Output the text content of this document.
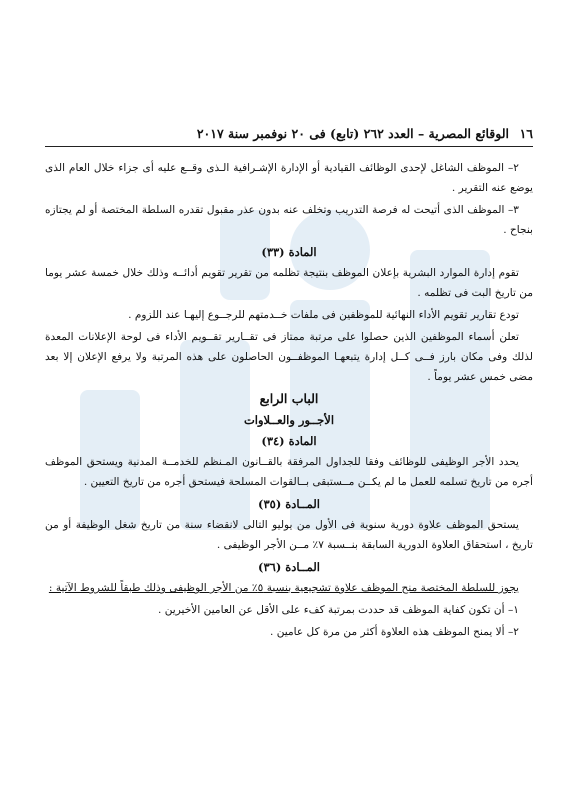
١٦
الوقائع المصرية – العدد ٢٦٢ (تابع) فى ٢٠ نوفمبر سنة ٢٠١٧
٢– الموظف الشاغل لإحدى الوظائف القيادية أو الإدارة الإشـرافية الـذى وقــع عليه أى جزاء خلال العام الذى يوضع عنه التقرير .
٣– الموظف الذى أتيحت له فرصة التدريب وتخلف عنه بدون عذر مقبول تقدره السلطة المختصة أو لم يجتازه بنجاح .
المادة (٣٣)
تقوم إدارة الموارد البشرية بإعلان الموظف بنتيجة تظلمه من تقرير تقويم أدائــه وذلك خلال خمسة عشر يوما من تاريخ البت فى تظلمه .
تودع تقارير تقويم الأداء النهائية للموظفين فى ملفات خــدمتهم للرجــوع إليهـا عند اللزوم .
تعلن أسماء الموظفين الذين حصلوا على مرتبة ممتاز فى تقــارير تقــويم الأداء فى لوحة الإعلانات المعدة لذلك وفى مكان بارز فــى كــل إدارة يتبعهـا الموظفــون الحاصلون على هذه المرتبة ولا يرفع الإعلان إلا بعد مضى خمس عشر يوماً .
الباب الرابع
الأجــور والعــلاوات
المادة (٣٤)
يحدد الأجر الوظيفى للوظائف وفقا للجداول المرفقة بالقــانون المـنظم للخدمــة المدنية ويستحق الموظف أجره من تاريخ تسلمه للعمل ما لم يكــن مــستبقى بــالقوات المسلحة فيستحق أجره من تاريخ التعيين .
المــادة (٣٥)
يستحق الموظف علاوة دورية سنوية فى الأول من يوليو التالى لانقضاء سنة من تاريخ شغل الوظيفة أو من تاريخ ، استحقاق العلاوة الدورية السابقة بنــسبة ٧٪ مــن الأجر الوظيفى .
المــادة (٣٦)
يجوز للسلطة المختصة منح الموظف علاوة تشجيعية بنسبة ٥٪ من الأجر الوظيفى وذلك طبقاً للشروط الآتية :
١– أن تكون كفاية الموظف قد حددت بمرتبة كفء على الأقل عن العامين الأخيرين .
٢– ألا يمنح الموظف هذه العلاوة أكثر من مرة كل عامين .
